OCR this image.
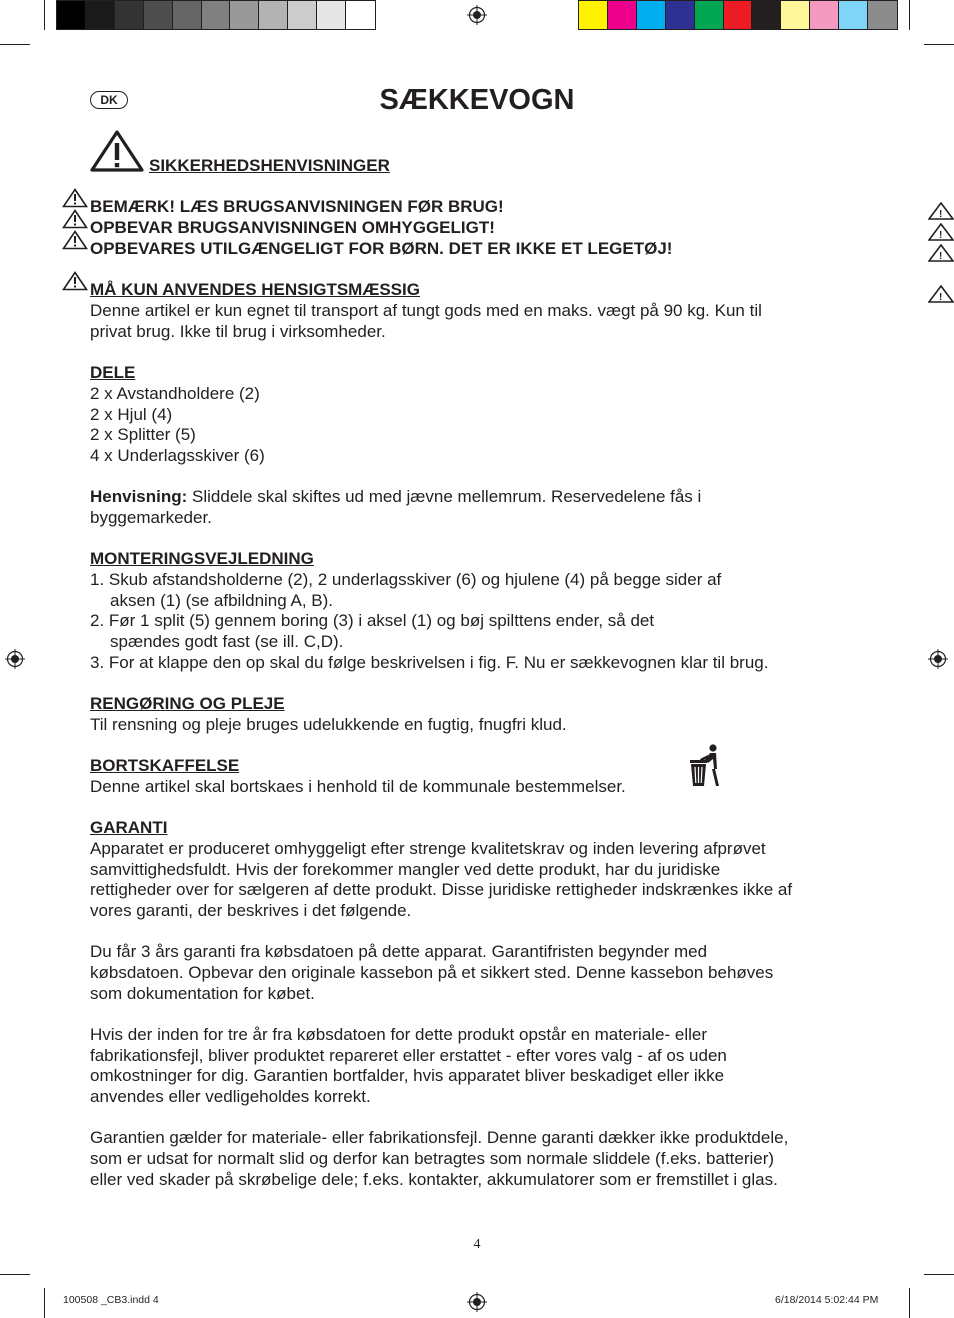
!
!
!
!
DK	SÆKKEVOGN
SIKKERHEDSHENVISNINGER
BEMÆRK! LÆS BRUGSANVISNINGEN FØR BRUG!
OPBEVAR BRUGSANVISNINGEN OMHYGGELIGT!
OPBEVARES UTILGÆNGELIGT FOR BØRN. DET ER IKKE ET LEGETØJ!
MÅ KUN ANVENDES HENSIGTSMÆSSIG
Denne artikel er kun egnet til transport af tungt gods med en maks. vægt på 90 kg. Kun til
privat brug. Ikke til brug i virksomheder.
DELE
2 x Avstandholdere (2)
2 x Hjul (4)
2 x Splitter (5)
4 x Underlagsskiver (6)
Henvisning: Sliddele skal skiftes ud med jævne mellemrum. Reservedelene fås i
byggemarkeder.
MONTERINGSVEJLEDNING
1. Skub afstandsholderne (2), 2 underlagsskiver (6) og hjulene (4) på begge sider af
aksen (1) (se afbildning A, B).
2. Før 1 split (5) gennem boring (3) i aksel (1) og bøj spilttens ender, så det
spændes godt fast (se ill. C,D).
3. For at klappe den op skal du følge beskrivelsen i fig. F. Nu er sækkevognen klar til brug.
RENGØRING OG PLEJE
Til rensning og pleje bruges udelukkende en fugtig, fnugfri klud.
BORTSKAFFELSE
Denne artikel skal bortskaes i henhold til de kommunale bestemmelser.
GARANTI
Apparatet er produceret omhyggeligt efter strenge kvalitetskrav og inden levering afprøvet
samvittighedsfuldt. Hvis der forekommer mangler ved dette produkt, har du juridiske
rettigheder over for sælgeren af dette produkt. Disse juridiske rettigheder indskrænkes ikke af
vores garanti, der beskrives i det følgende.
Du får 3 års garanti fra købsdatoen på dette apparat. Garantifristen begynder med
købsdatoen. Opbevar den originale kassebon på et sikkert sted. Denne kassebon behøves
som dokumentation for købet.
Hvis der inden for tre år fra købsdatoen for dette produkt opstår en materiale- eller
fabrikationsfejl, bliver produktet repareret eller erstattet - efter vores valg - af os uden
omkostninger for dig. Garantien bortfalder, hvis apparatet bliver beskadiget eller ikke
anvendes eller vedligeholdes korrekt.
Garantien gælder for materiale- eller fabrikationsfejl. Denne garanti dækker ikke produktdele,
som er udsat for normalt slid og derfor kan betragtes som normale sliddele (f.eks. batterier)
eller ved skader på skrøbelige dele; f.eks. kontakter, akkumulatorer som er fremstillet i glas.
4
100508 _CB3.indd 4	6/18/2014 5:02:44 PM
